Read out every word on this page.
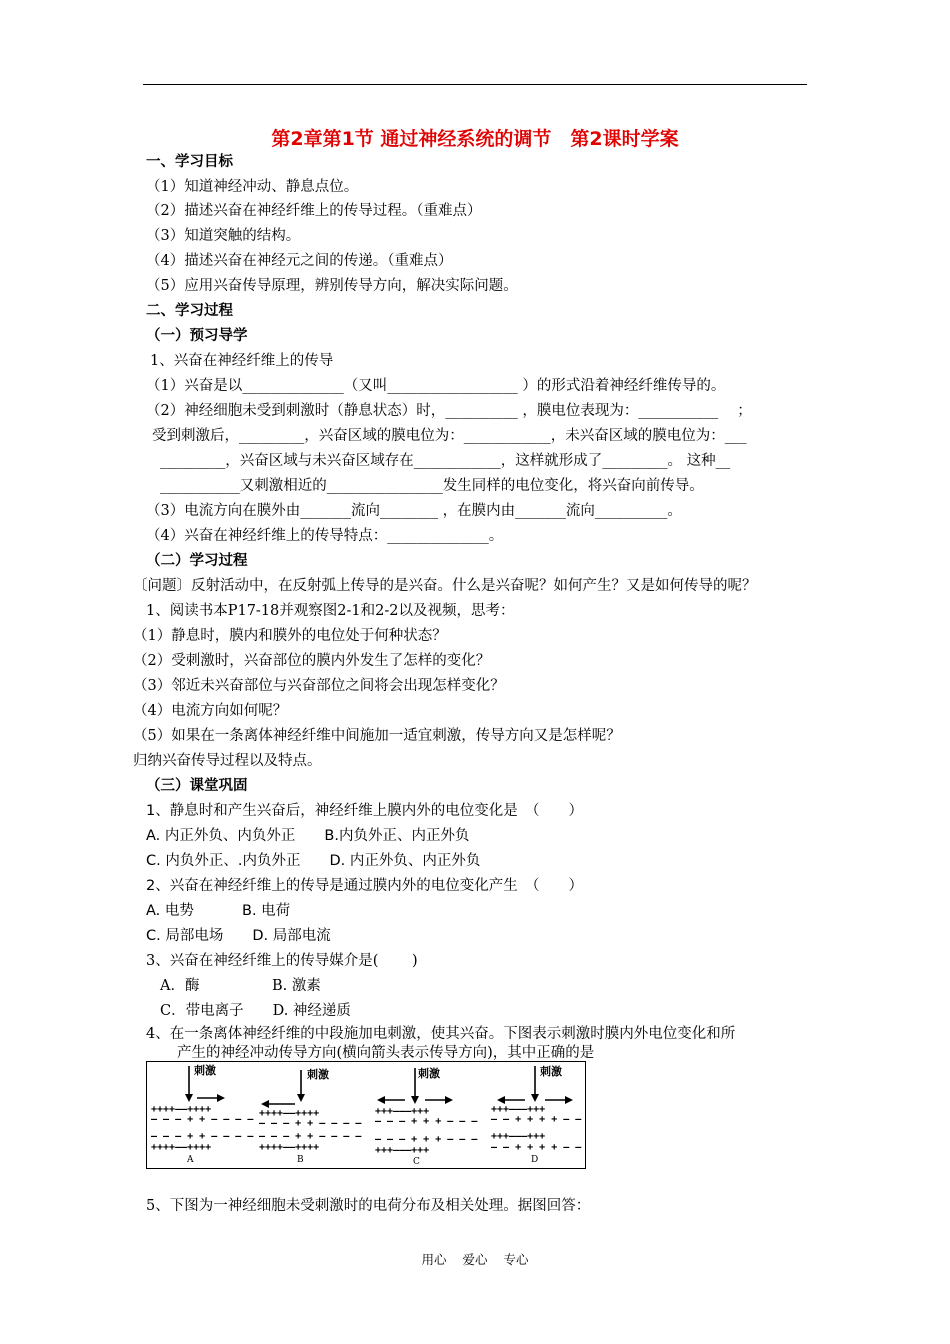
第2章第1节 通过神经系统的调节　第2课时学案
一、学习目标
（1）知道神经冲动、静息点位。
（2）描述兴奋在神经纤维上的传导过程。（重难点）
（3）知道突触的结构。
（4）描述兴奋在神经元之间的传递。（重难点）
（5）应用兴奋传导原理，辨别传导方向，解决实际问题。
二、学习过程
（一）预习导学
1、兴奋在神经纤维上的传导
（1）兴奋是以______________（又叫__________________ ）的形式沿着神经纤维传导的。
（2）神经细胞未受到刺激时（静息状态）时，__________ ，膜电位表现为：___________　 ；
受到刺激后，_________，兴奋区域的膜电位为：____________，未兴奋区域的膜电位为：___
_________，兴奋区域与未兴奋区域存在____________，这样就形成了_________。 这种__
___________又刺激相近的________________发生同样的电位变化，将兴奋向前传导。
（3）电流方向在膜外由_______流向________ ，在膜内由_______流向__________。
（4）兴奋在神经纤维上的传导特点：______________。
（二）学习过程
〔问题〕反射活动中，在反射弧上传导的是兴奋。什么是兴奋呢？如何产生？又是如何传导的呢？
1、阅读书本P17-18并观察图2-1和2-2以及视频，思考：
（1）静息时，膜内和膜外的电位处于何种状态？
（2）受刺激时，兴奋部位的膜内外发生了怎样的变化？
（3）邻近未兴奋部位与兴奋部位之间将会出现怎样变化？
（4）电流方向如何呢？
（5）如果在一条离体神经纤维中间施加一适宜刺激，传导方向又是怎样呢？
归纳兴奋传导过程以及特点。
（三）课堂巩固
1、静息时和产生兴奋后，神经纤维上膜内外的电位变化是　（　　）
A. 内正外负、内负外正　　B.内负外正、内正外负
C. 内负外正、.内负外正　　D. 内正外负、内正外负
2、兴奋在神经纤维上的传导是通过膜内外的电位变化产生　（　　）
A. 电势　　　 B. 电荷
C. 局部电场　　D. 局部电流
3、兴奋在神经纤维上的传导媒介是(　　 )
A．酶　　　　　B. 激素
C．带电离子　　D. 神经递质
4、在一条离体神经纤维的中段施加电刺激，使其兴奋。下图表示刺激时膜内外电位变化和所
产生的神经冲动传导方向(横向箭头表示传导方向)，其中正确的是
刺激
++++——++++
— — — + + — — — —
— — — + + — — — —
++++——++++
A
刺激
++++——++++
— — — + + — — — —
— — — + + — — — —
++++——++++
B
刺激
+++———+++
— — — + + + — — —
— — — + + + — — —
+++———+++
C
刺激
+++———+++
— — + + + + — — —
+++———+++
— — + + + + — — —
D
5、下图为一神经细胞未受刺激时的电荷分布及相关处理。据图回答：
用心 爱心 专心
